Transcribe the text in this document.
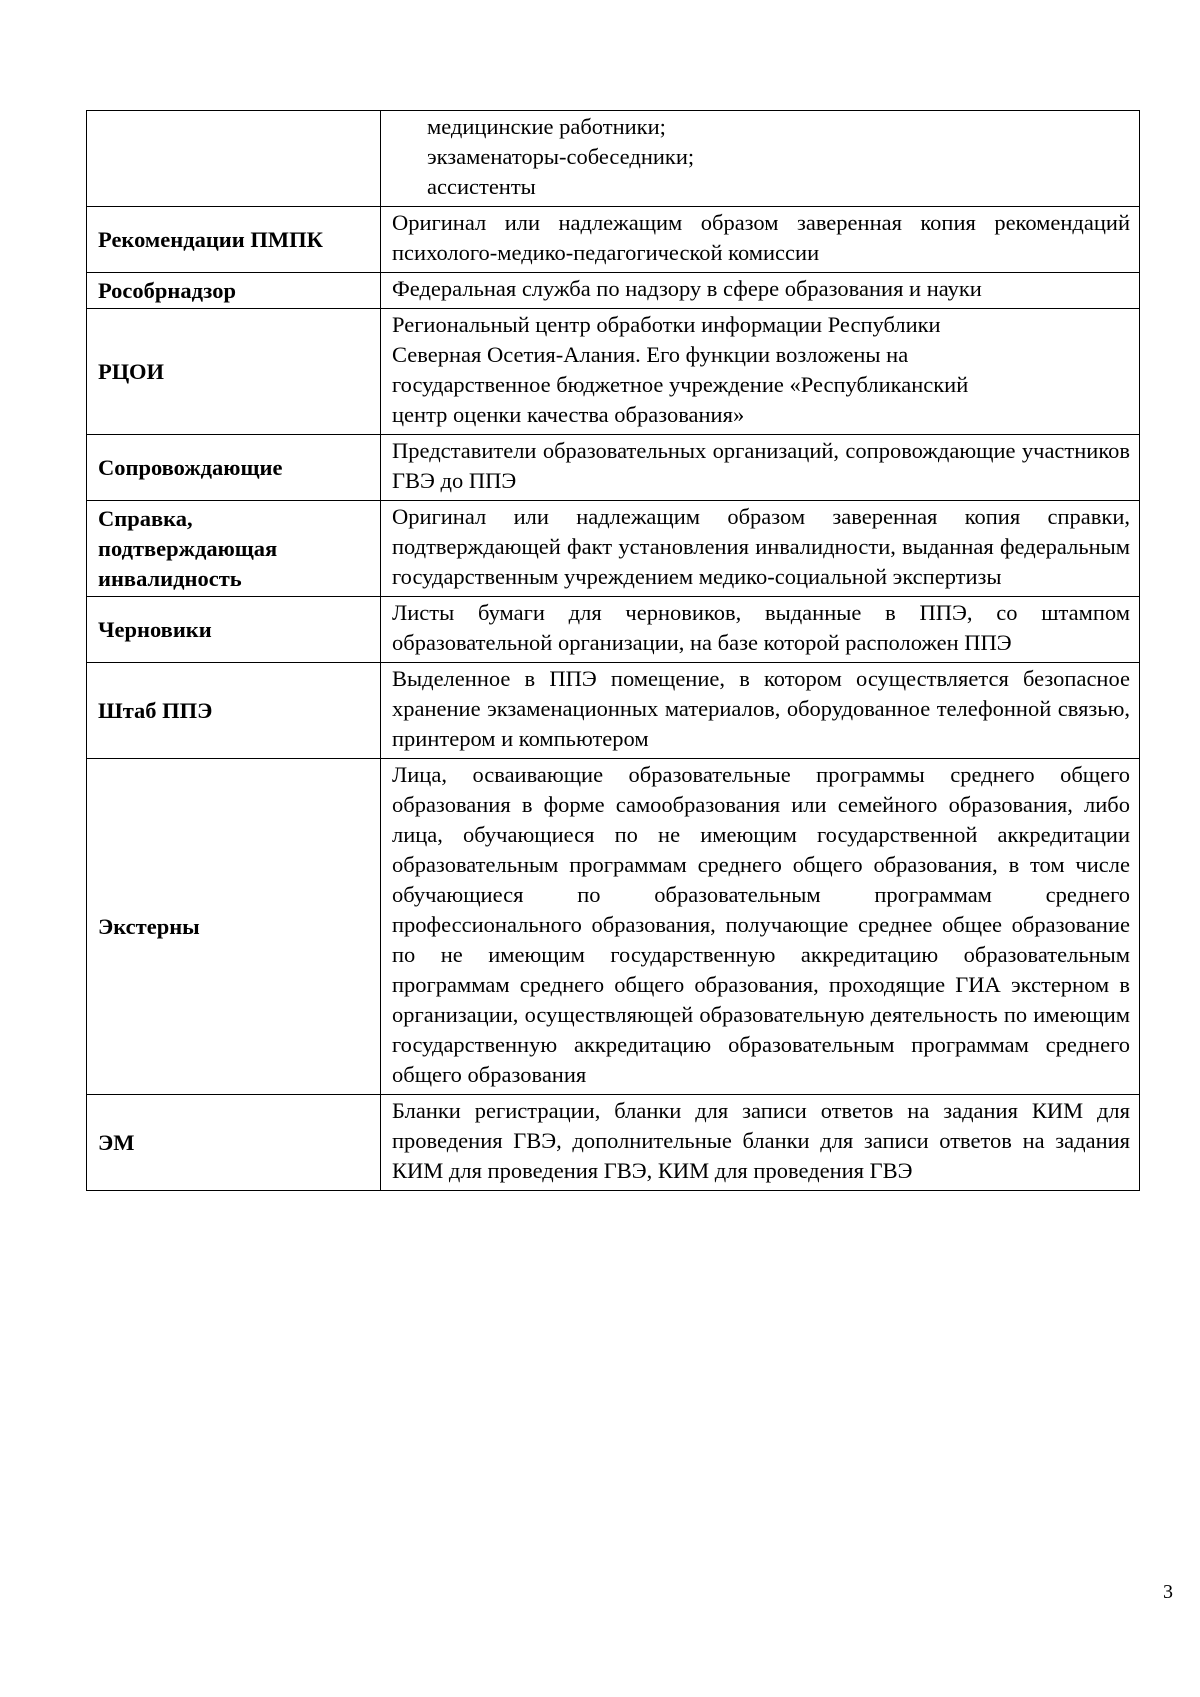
	медицинские работники;
экзаменаторы-собеседники;
ассистенты

Рекомендации ПМПК	Оригинал или надлежащим образом заверенная копия рекомендаций психолого-медико-педагогической комиссии
Рособрнадзор	Федеральная служба по надзору в сфере образования и науки
РЦОИ	Региональный центр обработки информации Республики
Северная Осетия-Алания. Его функции возложены на
государственное бюджетное учреждение «Республиканский
центр оценки качества образования»

Сопровождающие	Представители образовательных организаций, сопровождающие участников ГВЭ до ППЭ
Справка, подтверждающая инвалидность	Оригинал или надлежащим образом заверенная копия справки, подтверждающей факт установления инвалидности, выданная федеральным государственным учреждением медико-социальной экспертизы
Черновики	Листы бумаги для черновиков, выданные в ППЭ, со штампом образовательной организации, на базе которой расположен ППЭ
Штаб ППЭ	Выделенное в ППЭ помещение, в котором осуществляется безопасное хранение экзаменационных материалов, оборудованное телефонной связью, принтером и компьютером
Экстерны	Лица, осваивающие образовательные программы среднего общего образования в форме самообразования или семейного образования, либо лица, обучающиеся по не имеющим государственной аккредитации образовательным программам среднего общего образования, в том числе обучающиеся по образовательным программам среднего профессионального образования, получающие среднее общее образование по не имеющим государственную аккредитацию образовательным программам среднего общего образования, проходящие ГИА экстерном в организации, осуществляющей образовательную деятельность по имеющим государственную аккредитацию образовательным программам среднего общего образования
ЭМ	Бланки регистрации, бланки для записи ответов на задания КИМ для проведения ГВЭ, дополнительные бланки для записи ответов на задания КИМ для проведения ГВЭ, КИМ для проведения ГВЭ
3
